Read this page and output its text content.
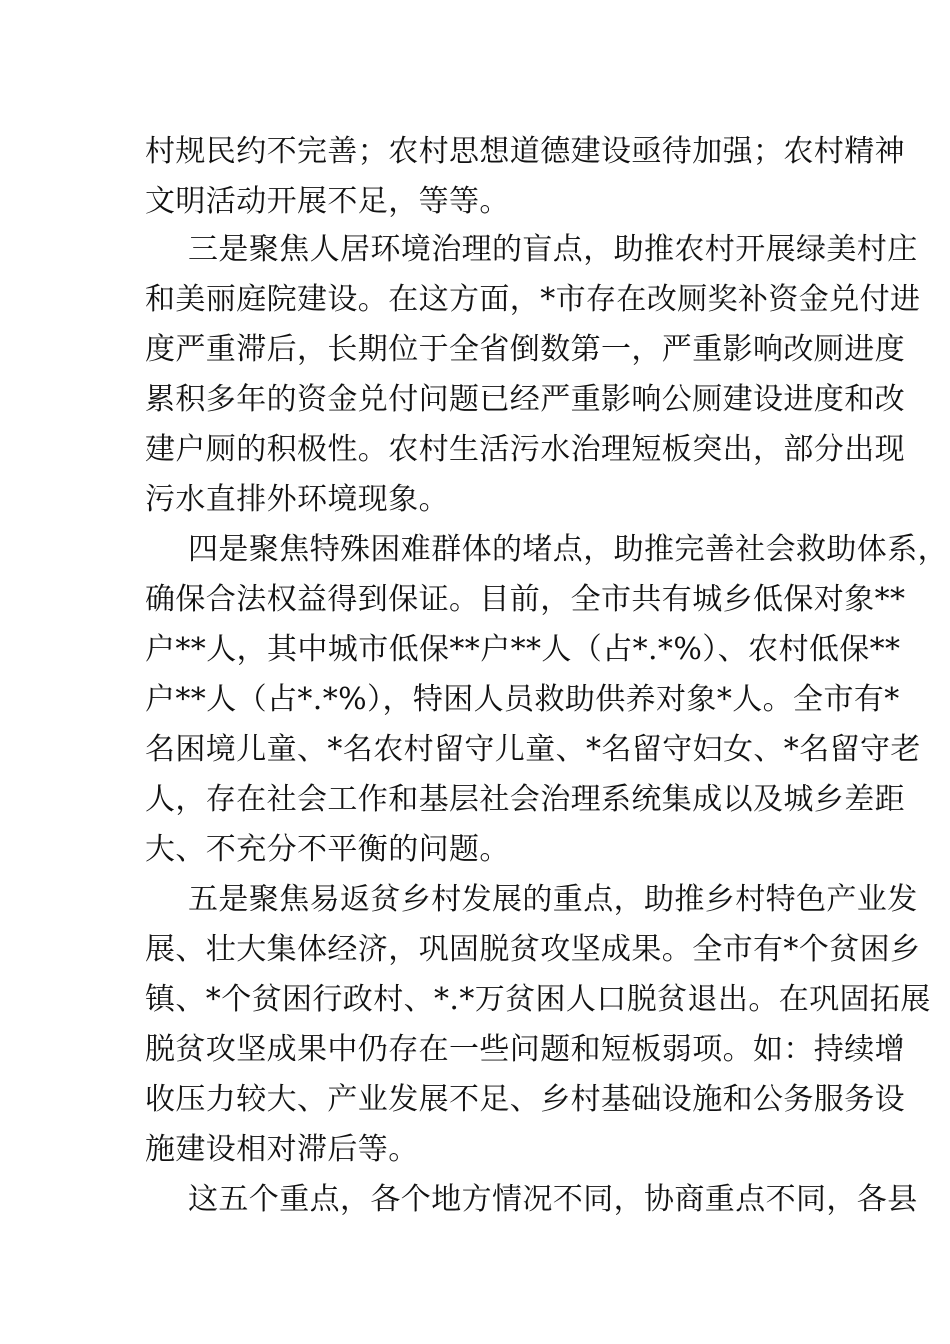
村规民约不完善；农村思想道德建设亟待加强；农村精神
文明活动开展不足，等等。
三是聚焦人居环境治理的盲点，助推农村开展绿美村庄
和美丽庭院建设。在这方面，*市存在改厕奖补资金兑付进
度严重滞后，长期位于全省倒数第一，严重影响改厕进度
累积多年的资金兑付问题已经严重影响公厕建设进度和改
建户厕的积极性。农村生活污水治理短板突出，部分出现
污水直排外环境现象。
四是聚焦特殊困难群体的堵点，助推完善社会救助体系，
确保合法权益得到保证。目前，全市共有城乡低保对象**
户**人，其中城市低保**户**人（占*.*%）、农村低保**
户**人（占*.*%），特困人员救助供养对象*人。全市有*
名困境儿童、*名农村留守儿童、*名留守妇女、*名留守老
人，存在社会工作和基层社会治理系统集成以及城乡差距
大、不充分不平衡的问题。
五是聚焦易返贫乡村发展的重点，助推乡村特色产业发
展、壮大集体经济，巩固脱贫攻坚成果。全市有*个贫困乡
镇、*个贫困行政村、*.*万贫困人口脱贫退出。在巩固拓展
脱贫攻坚成果中仍存在一些问题和短板弱项。如：持续增
收压力较大、产业发展不足、乡村基础设施和公务服务设
施建设相对滞后等。
这五个重点，各个地方情况不同，协商重点不同，各县
